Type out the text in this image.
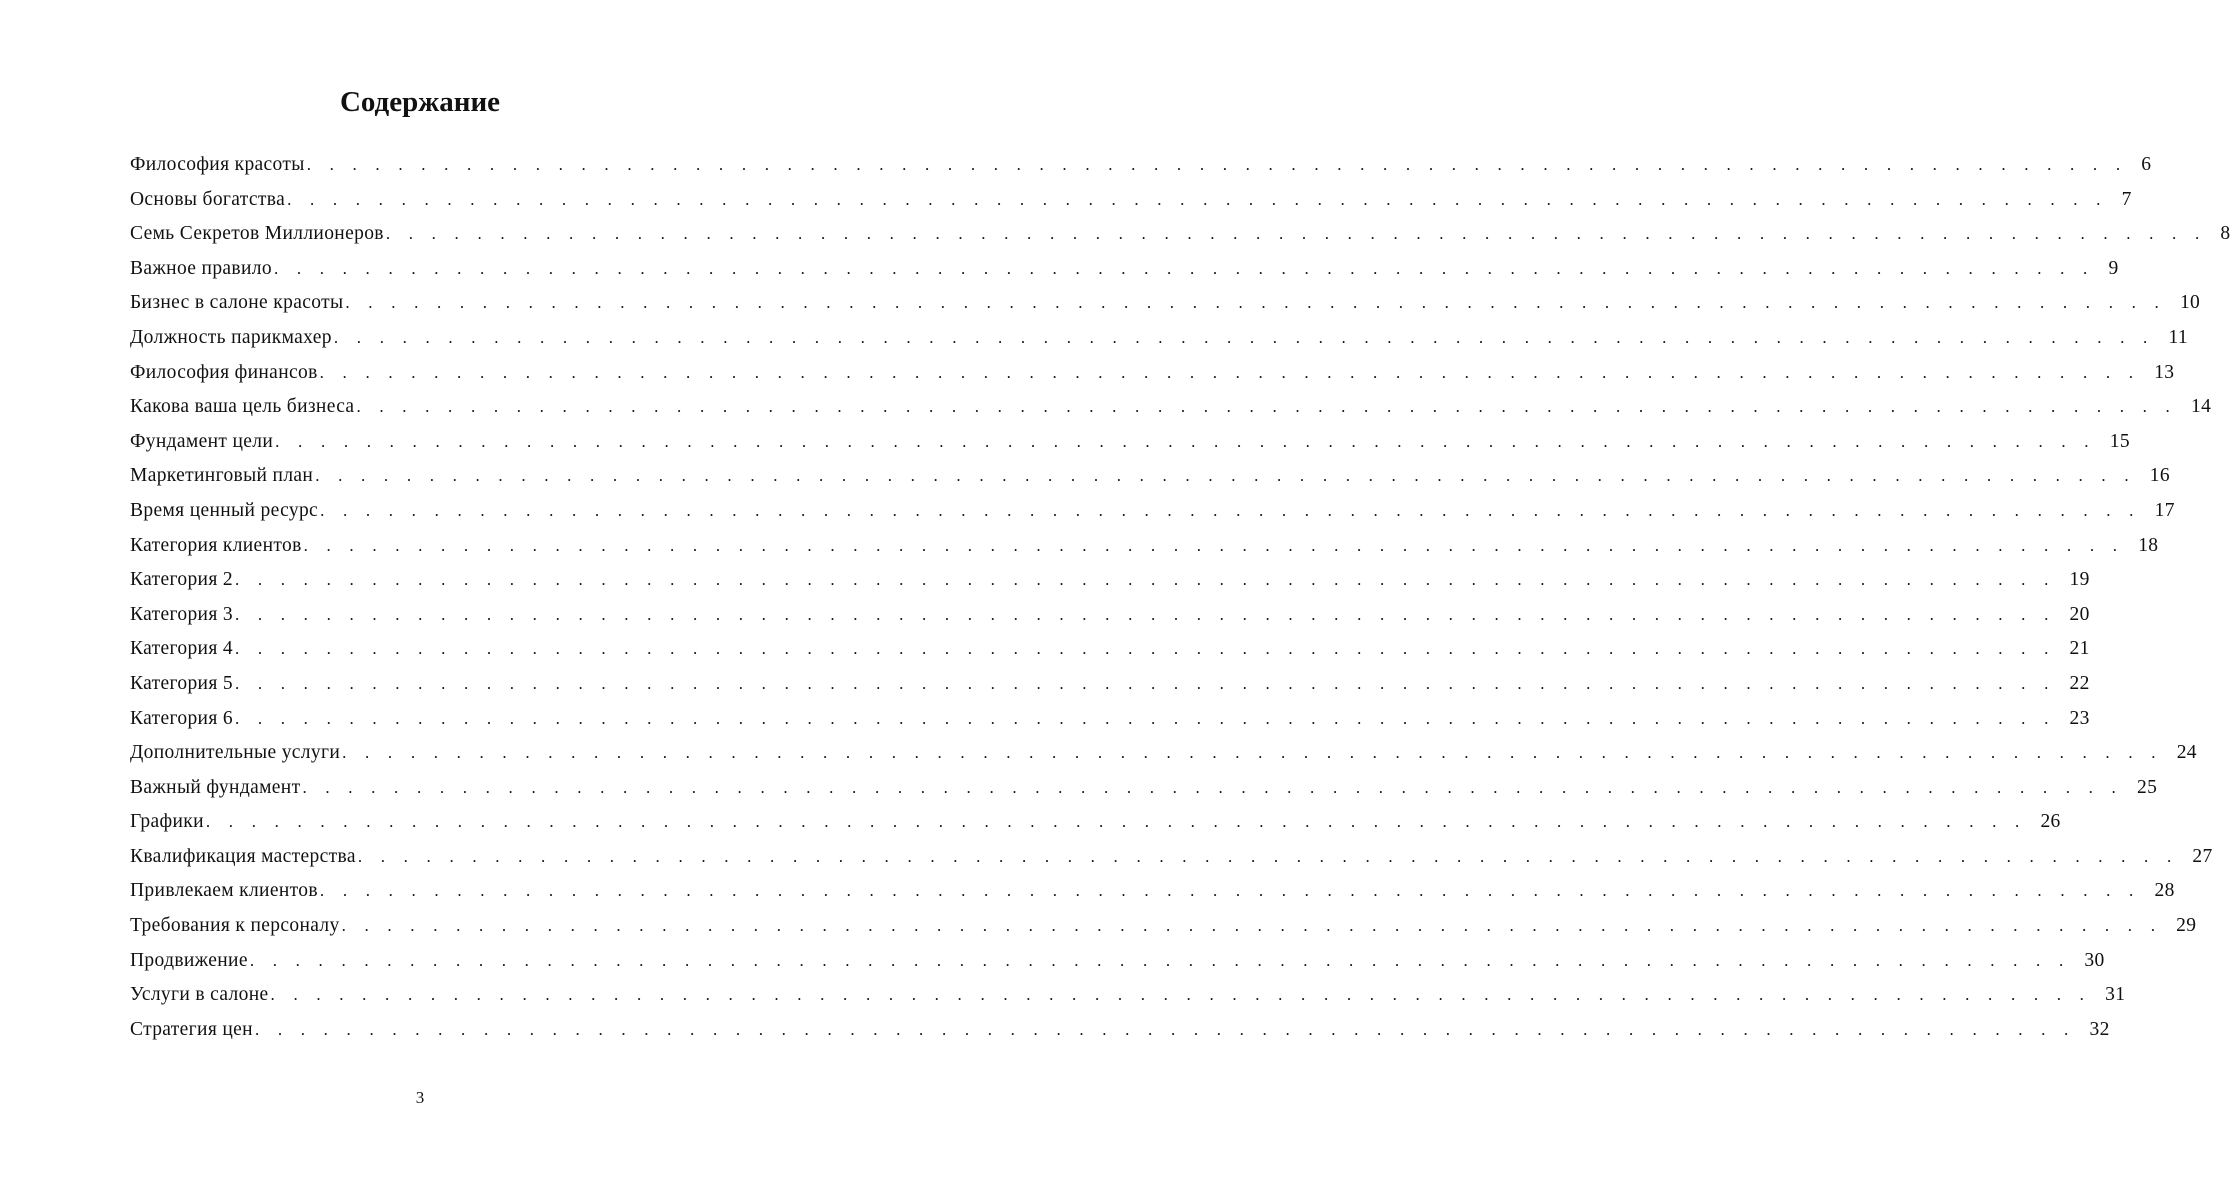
Содержание
Философия красоты . . . . . . . . . . . . . . . . . . . . . . . . . . . . . . . . . . . . . . . . . . . . . . . . . . . . . . . . . . . . . . . . . . . . . . . . . . . . . . . . 6
Основы богатства . . . . . . . . . . . . . . . . . . . . . . . . . . . . . . . . . . . . . . . . . . . . . . . . . . . . . . . . . . . . . . . . . . . . . . . . . . . . . . . . 7
Семь Секретов Миллионеров . . . . . . . . . . . . . . . . . . . . . . . . . . . . . . . . . . . . . . . . . . . . . . . . . . . . . . . . . . . . . . . . . . . . . . . . . . . . . . . . 8
Важное правило . . . . . . . . . . . . . . . . . . . . . . . . . . . . . . . . . . . . . . . . . . . . . . . . . . . . . . . . . . . . . . . . . . . . . . . . . . . . . . . . 9
Бизнес в салоне красоты . . . . . . . . . . . . . . . . . . . . . . . . . . . . . . . . . . . . . . . . . . . . . . . . . . . . . . . . . . . . . . . . . . . . . . . . . . . . . . . . 10
Должность парикмахер . . . . . . . . . . . . . . . . . . . . . . . . . . . . . . . . . . . . . . . . . . . . . . . . . . . . . . . . . . . . . . . . . . . . . . . . . . . . . . . . 11
Философия финансов . . . . . . . . . . . . . . . . . . . . . . . . . . . . . . . . . . . . . . . . . . . . . . . . . . . . . . . . . . . . . . . . . . . . . . . . . . . . . . . . 13
Какова ваша цель бизнеса . . . . . . . . . . . . . . . . . . . . . . . . . . . . . . . . . . . . . . . . . . . . . . . . . . . . . . . . . . . . . . . . . . . . . . . . . . . . . . . . 14
Фундамент цели . . . . . . . . . . . . . . . . . . . . . . . . . . . . . . . . . . . . . . . . . . . . . . . . . . . . . . . . . . . . . . . . . . . . . . . . . . . . . . . . 15
Маркетинговый план . . . . . . . . . . . . . . . . . . . . . . . . . . . . . . . . . . . . . . . . . . . . . . . . . . . . . . . . . . . . . . . . . . . . . . . . . . . . . . . . 16
Время ценный ресурс . . . . . . . . . . . . . . . . . . . . . . . . . . . . . . . . . . . . . . . . . . . . . . . . . . . . . . . . . . . . . . . . . . . . . . . . . . . . . . . . 17
Категория клиентов . . . . . . . . . . . . . . . . . . . . . . . . . . . . . . . . . . . . . . . . . . . . . . . . . . . . . . . . . . . . . . . . . . . . . . . . . . . . . . . . 18
Категория 2 . . . . . . . . . . . . . . . . . . . . . . . . . . . . . . . . . . . . . . . . . . . . . . . . . . . . . . . . . . . . . . . . . . . . . . . . . . . . . . . . 19
Категория 3 . . . . . . . . . . . . . . . . . . . . . . . . . . . . . . . . . . . . . . . . . . . . . . . . . . . . . . . . . . . . . . . . . . . . . . . . . . . . . . . . 20
Категория 4 . . . . . . . . . . . . . . . . . . . . . . . . . . . . . . . . . . . . . . . . . . . . . . . . . . . . . . . . . . . . . . . . . . . . . . . . . . . . . . . . 21
Категория 5 . . . . . . . . . . . . . . . . . . . . . . . . . . . . . . . . . . . . . . . . . . . . . . . . . . . . . . . . . . . . . . . . . . . . . . . . . . . . . . . . 22
Категория 6 . . . . . . . . . . . . . . . . . . . . . . . . . . . . . . . . . . . . . . . . . . . . . . . . . . . . . . . . . . . . . . . . . . . . . . . . . . . . . . . . 23
Дополнительные услуги . . . . . . . . . . . . . . . . . . . . . . . . . . . . . . . . . . . . . . . . . . . . . . . . . . . . . . . . . . . . . . . . . . . . . . . . . . . . . . . . 24
Важный фундамент . . . . . . . . . . . . . . . . . . . . . . . . . . . . . . . . . . . . . . . . . . . . . . . . . . . . . . . . . . . . . . . . . . . . . . . . . . . . . . . . 25
Графики . . . . . . . . . . . . . . . . . . . . . . . . . . . . . . . . . . . . . . . . . . . . . . . . . . . . . . . . . . . . . . . . . . . . . . . . . . . . . . . . 26
Квалификация мастерства . . . . . . . . . . . . . . . . . . . . . . . . . . . . . . . . . . . . . . . . . . . . . . . . . . . . . . . . . . . . . . . . . . . . . . . . . . . . . . . . 27
Привлекаем клиентов . . . . . . . . . . . . . . . . . . . . . . . . . . . . . . . . . . . . . . . . . . . . . . . . . . . . . . . . . . . . . . . . . . . . . . . . . . . . . . . . 28
Требования к персоналу . . . . . . . . . . . . . . . . . . . . . . . . . . . . . . . . . . . . . . . . . . . . . . . . . . . . . . . . . . . . . . . . . . . . . . . . . . . . . . . . 29
Продвижение . . . . . . . . . . . . . . . . . . . . . . . . . . . . . . . . . . . . . . . . . . . . . . . . . . . . . . . . . . . . . . . . . . . . . . . . . . . . . . . . 30
Услуги в салоне . . . . . . . . . . . . . . . . . . . . . . . . . . . . . . . . . . . . . . . . . . . . . . . . . . . . . . . . . . . . . . . . . . . . . . . . . . . . . . . . 31
Стратегия цен . . . . . . . . . . . . . . . . . . . . . . . . . . . . . . . . . . . . . . . . . . . . . . . . . . . . . . . . . . . . . . . . . . . . . . . . . . . . . . . . 32
3
